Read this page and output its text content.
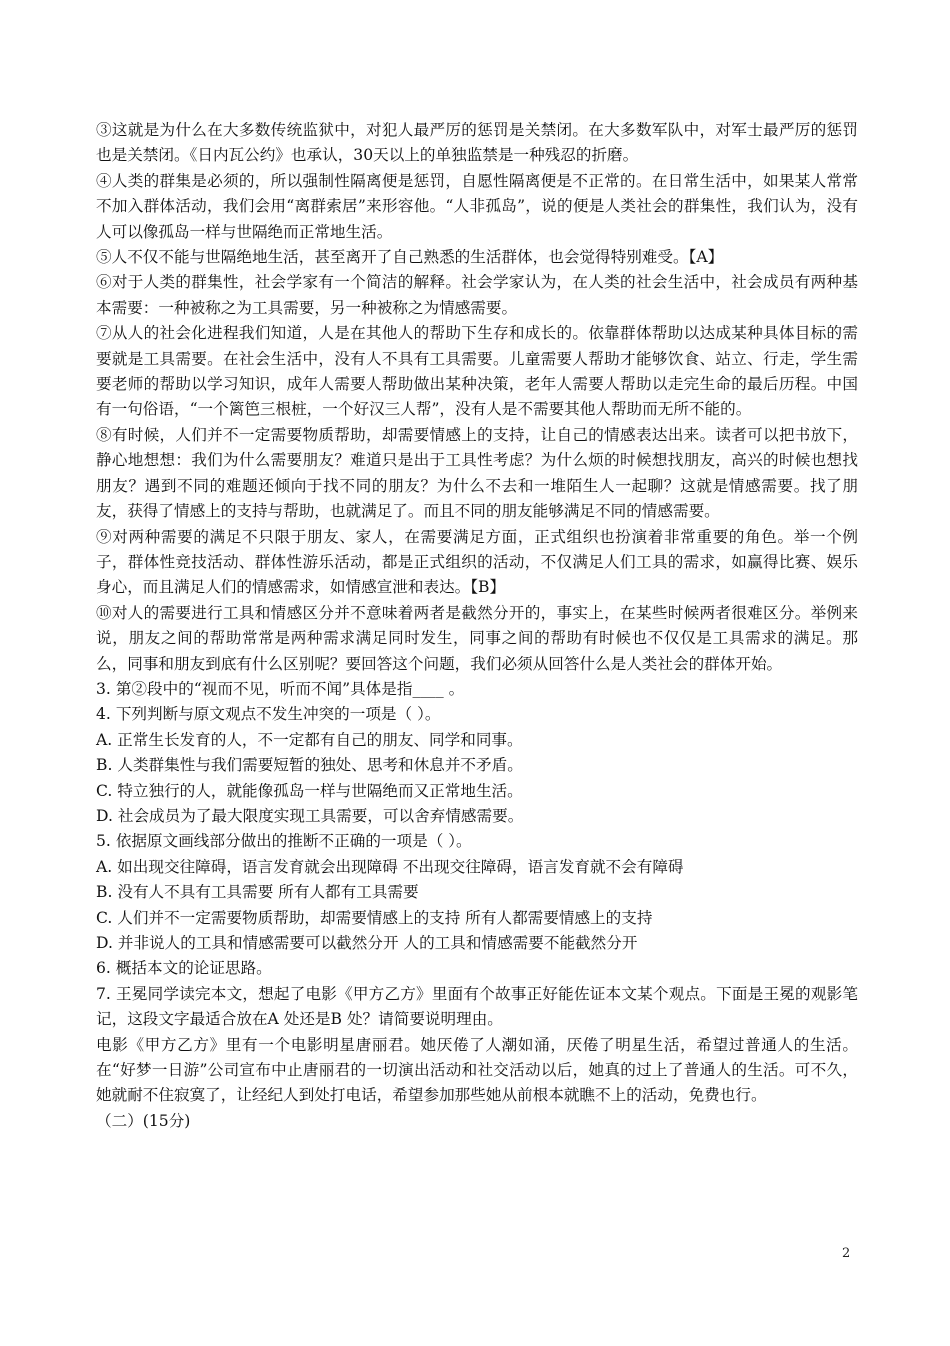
③这就是为什么在大多数传统监狱中，对犯人最严厉的惩罚是关禁闭。在大多数军队中，对军士最严厉的惩罚也是关禁闭。《日内瓦公约》也承认，30天以上的单独监禁是一种残忍的折磨。

④人类的群集是必须的，所以强制性隔离便是惩罚，自愿性隔离便是不正常的。在日常生活中，如果某人常常不加入群体活动，我们会用“离群索居”来形容他。“人非孤岛”，说的便是人类社会的群集性，我们认为，没有人可以像孤岛一样与世隔绝而正常地生活。

⑤人不仅不能与世隔绝地生活，甚至离开了自己熟悉的生活群体，也会觉得特别难受。【A】

⑥对于人类的群集性，社会学家有一个简洁的解释。社会学家认为，在人类的社会生活中，社会成员有两种基本需要：一种被称之为工具需要，另一种被称之为情感需要。

⑦从人的社会化进程我们知道，人是在其他人的帮助下生存和成长的。依靠群体帮助以达成某种具体目标的需要就是工具需要。在社会生活中，没有人不具有工具需要。儿童需要人帮助才能够饮食、站立、行走，学生需要老师的帮助以学习知识，成年人需要人帮助做出某种决策，老年人需要人帮助以走完生命的最后历程。中国有一句俗语，“一个篱笆三根桩，一个好汉三人帮”，没有人是不需要其他人帮助而无所不能的。

⑧有时候，人们并不一定需要物质帮助，却需要情感上的支持，让自己的情感表达出来。读者可以把书放下，静心地想想：我们为什么需要朋友？难道只是出于工具性考虑？为什么烦的时候想找朋友，高兴的时候也想找朋友？遇到不同的难题还倾向于找不同的朋友？为什么不去和一堆陌生人一起聊？这就是情感需要。找了朋友，获得了情感上的支持与帮助，也就满足了。而且不同的朋友能够满足不同的情感需要。

⑨对两种需要的满足不只限于朋友、家人，在需要满足方面，正式组织也扮演着非常重要的角色。举一个例子，群体性竞技活动、群体性游乐活动，都是正式组织的活动，不仅满足人们工具的需求，如赢得比赛、娱乐身心，而且满足人们的情感需求，如情感宣泄和表达。【B】

⑩对人的需要进行工具和情感区分并不意味着两者是截然分开的，事实上，在某些时候两者很难区分。举例来说，朋友之间的帮助常常是两种需求满足同时发生，同事之间的帮助有时候也不仅仅是工具需求的满足。那么，同事和朋友到底有什么区别呢？要回答这个问题，我们必须从回答什么是人类社会的群体开始。

3. 第②段中的“视而不见，听而不闻”具体是指____ 。

4. 下列判断与原文观点不发生冲突的一项是（ ）。

A. 正常生长发育的人，不一定都有自己的朋友、同学和同事。

B. 人类群集性与我们需要短暂的独处、思考和休息并不矛盾。

C. 特立独行的人，就能像孤岛一样与世隔绝而又正常地生活。

D. 社会成员为了最大限度实现工具需要，可以舍弃情感需要。

5. 依据原文画线部分做出的推断不正确的一项是（ ）。

A. 如出现交往障碍，语言发育就会出现障碍 不出现交往障碍，语言发育就不会有障碍

B. 没有人不具有工具需要 所有人都有工具需要

C. 人们并不一定需要物质帮助，却需要情感上的支持 所有人都需要情感上的支持

D. 并非说人的工具和情感需要可以截然分开 人的工具和情感需要不能截然分开

6. 概括本文的论证思路。

7. 王冕同学读完本文，想起了电影《甲方乙方》里面有个故事正好能佐证本文某个观点。下面是王冕的观影笔记，这段文字最适合放在A 处还是B 处？请简要说明理由。

电影《甲方乙方》里有一个电影明星唐丽君。她厌倦了人潮如涌，厌倦了明星生活，希望过普通人的生活。在“好梦一日游”公司宣布中止唐丽君的一切演出活动和社交活动以后，她真的过上了普通人的生活。可不久，她就耐不住寂寞了，让经纪人到处打电话，希望参加那些她从前根本就瞧不上的活动，免费也行。

（二）(15分)

2
